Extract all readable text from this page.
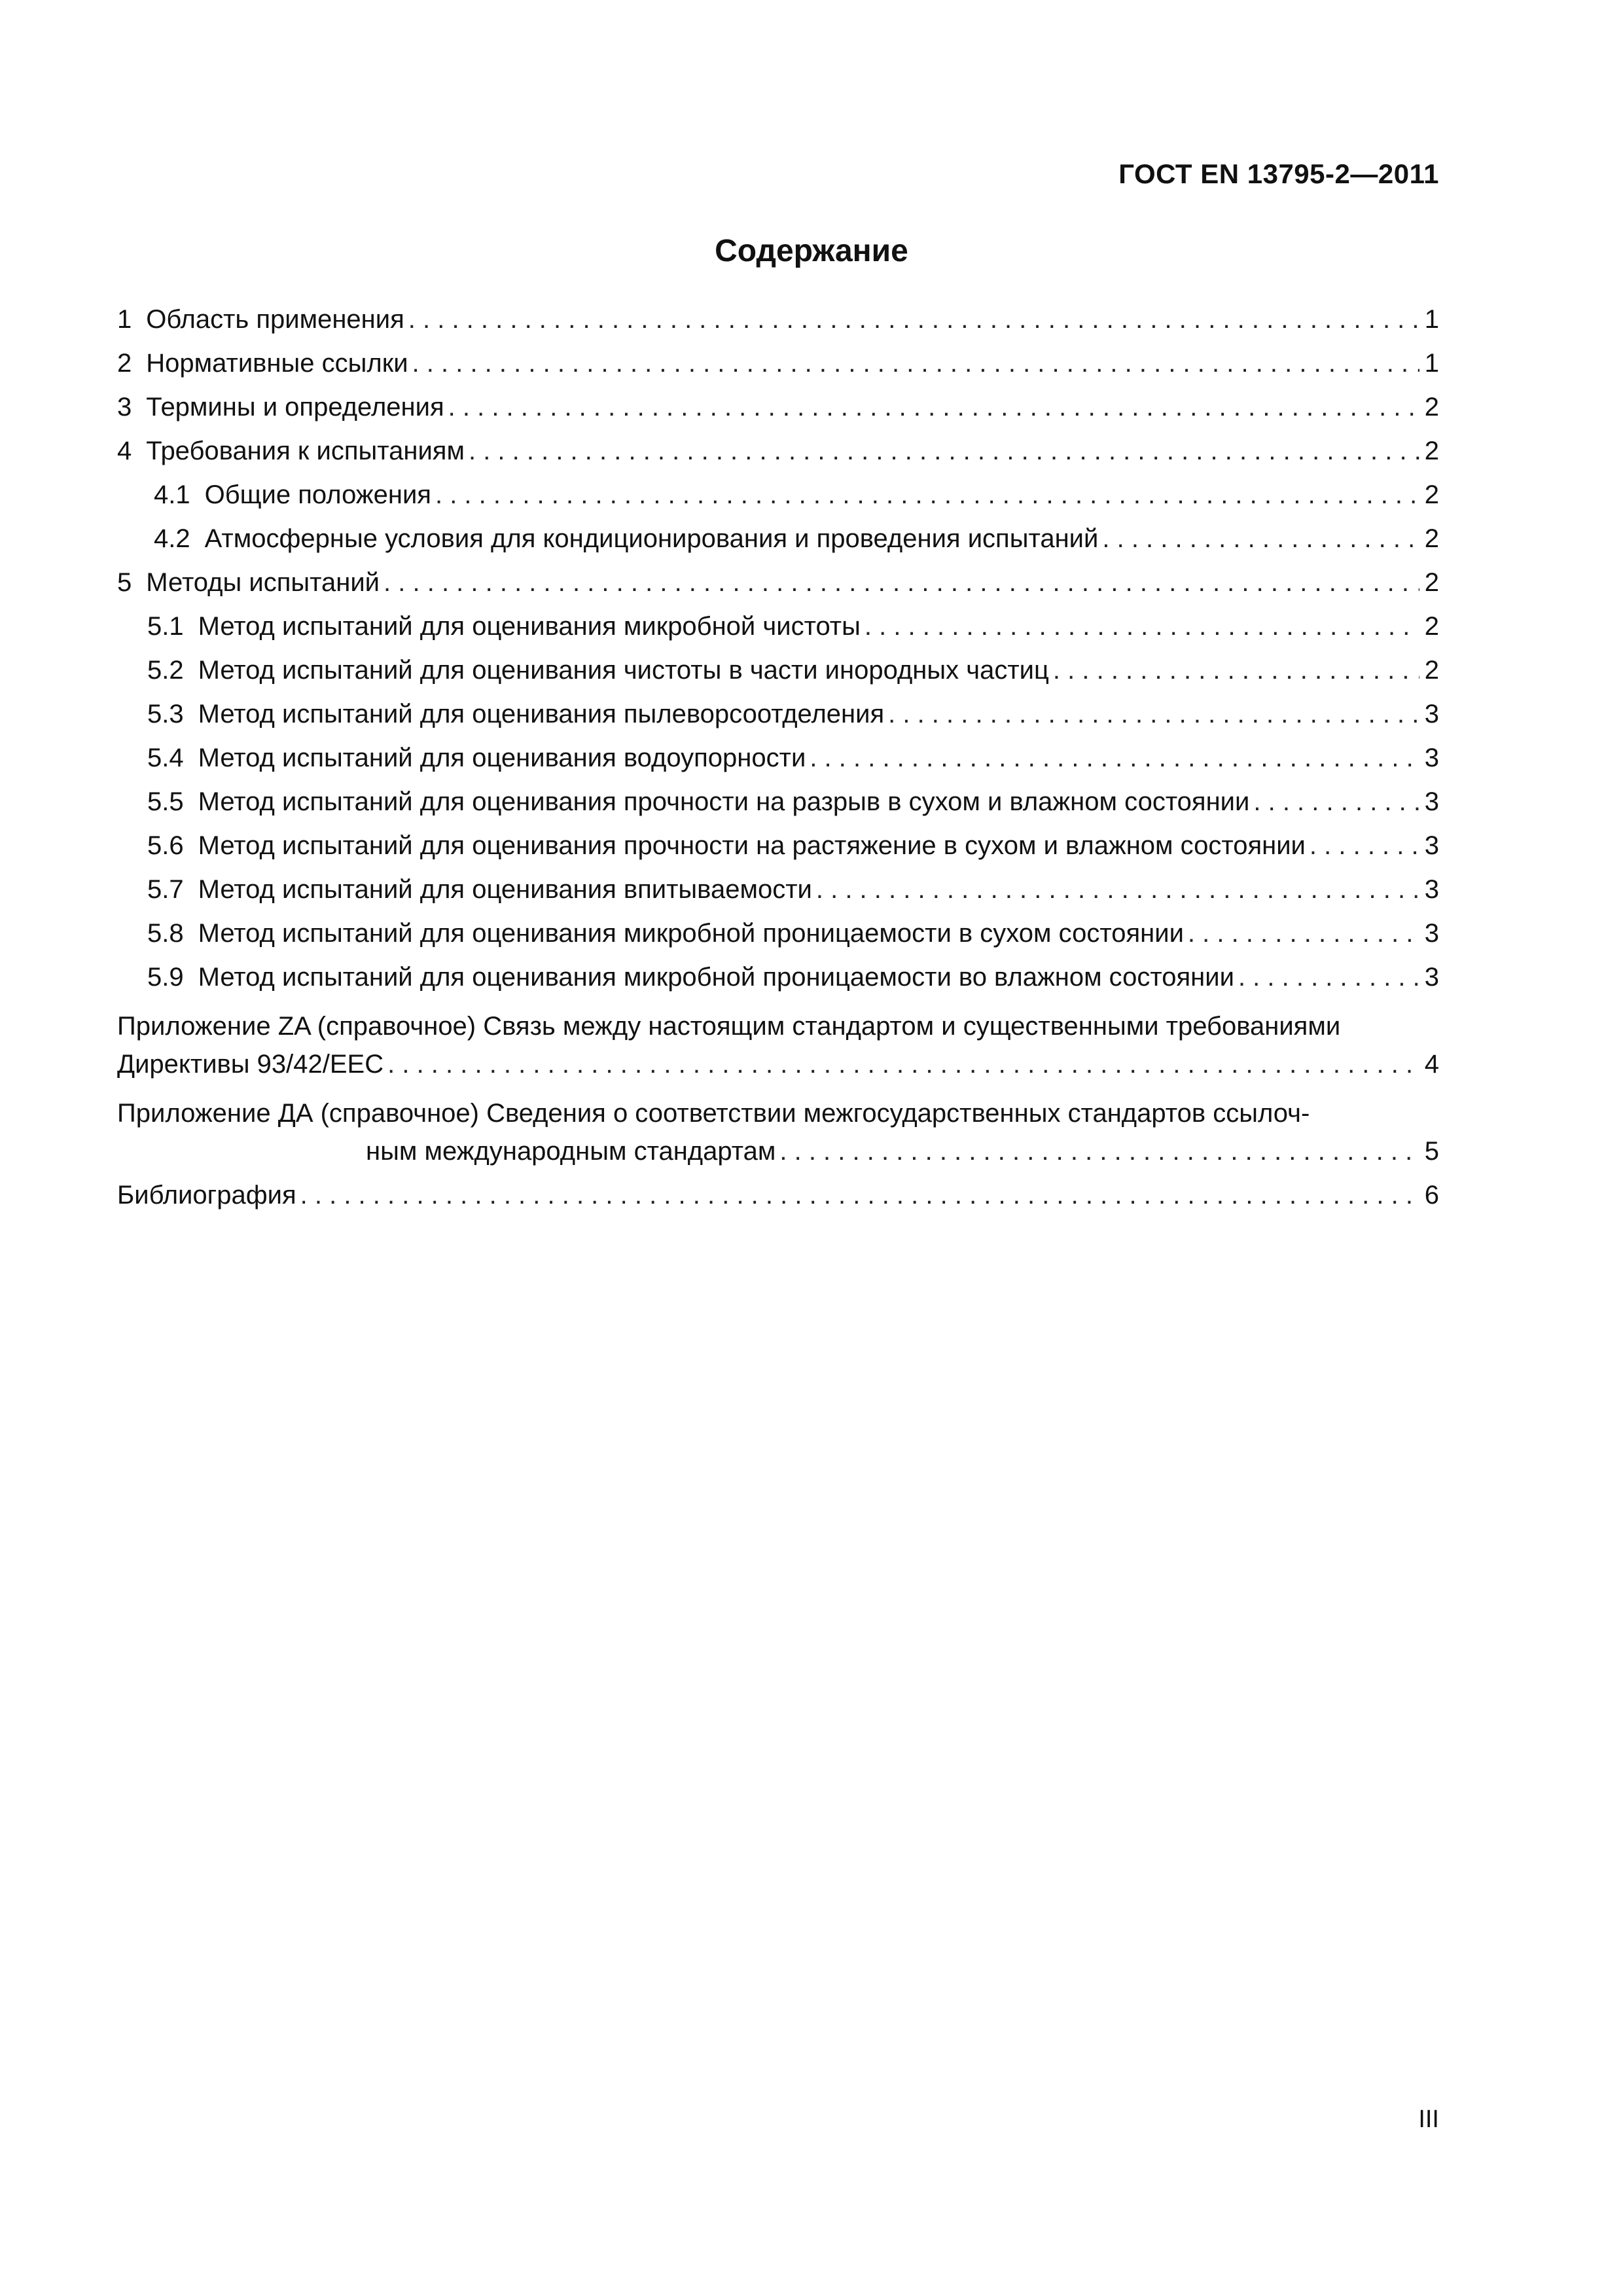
ГОСТ EN 13795-2—2011
Содержание
1 Область применения . . .	1
2 Нормативные ссылки . . .	1
3 Термины и определения . . .	2
4 Требования к испытаниям . . .	2
4.1 Общие положения . . .	2
4.2 Атмосферные условия для кондиционирования и проведения испытаний . . .	2
5 Методы испытаний . . .	2
5.1 Метод испытаний для оценивания микробной чистоты . . .	2
5.2 Метод испытаний для оценивания чистоты в части инородных частиц . . .	2
5.3 Метод испытаний для оценивания пылеворсоотделения . . .	3
5.4 Метод испытаний для оценивания водоупорности . . .	3
5.5 Метод испытаний для оценивания прочности на разрыв в сухом и влажном состоянии . . .	3
5.6 Метод испытаний для оценивания прочности на растяжение в сухом и влажном состоянии . . .	3
5.7 Метод испытаний для оценивания впитываемости . . .	3
5.8 Метод испытаний для оценивания микробной проницаемости в сухом состоянии . . .	3
5.9 Метод испытаний для оценивания микробной проницаемости во влажном состоянии . . .	3
Приложение ZA (справочное) Связь между настоящим стандартом и существенными требованиями
Директивы 93/42/EEC . . .	4
Приложение ДА (справочное) Сведения о соответствии межгосударственных стандартов ссылоч-
ным международным стандартам . . .	5
Библиография . . .	6
III
